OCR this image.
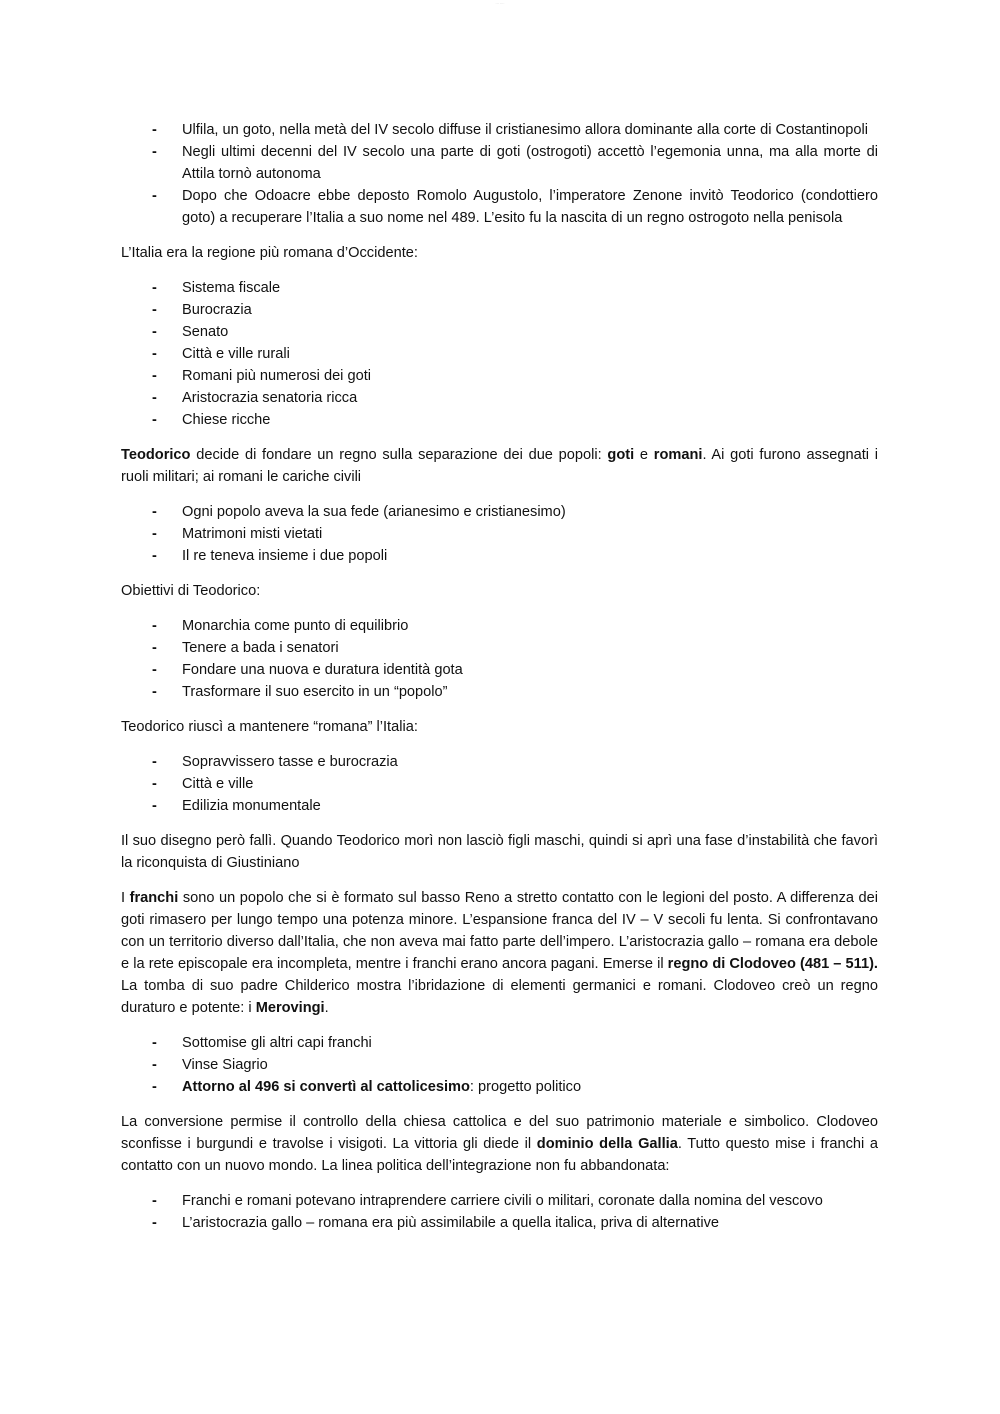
... ....
- Ulfila, un goto, nella metà del IV secolo diffuse il cristianesimo allora dominante alla corte di Costantinopoli
- Negli ultimi decenni del IV secolo una parte di goti (ostrogoti) accettò l’egemonia unna, ma alla morte di Attila tornò autonoma
- Dopo che Odoacre ebbe deposto Romolo Augustolo, l’imperatore Zenone invitò Teodorico (condottiero goto) a recuperare l’Italia a suo nome nel 489. L’esito fu la nascita di un regno ostrogoto nella penisola

L’Italia era la regione più romana d’Occidente:

- Sistema fiscale
- Burocrazia
- Senato
- Città e ville rurali
- Romani più numerosi dei goti
- Aristocrazia senatoria ricca
- Chiese ricche

Teodorico decide di fondare un regno sulla separazione dei due popoli: goti e romani. Ai goti furono assegnati i ruoli militari; ai romani le cariche civili

- Ogni popolo aveva la sua fede (arianesimo e cristianesimo)
- Matrimoni misti vietati
- Il re teneva insieme i due popoli

Obiettivi di Teodorico:

- Monarchia come punto di equilibrio
- Tenere a bada i senatori
- Fondare una nuova e duratura identità gota
- Trasformare il suo esercito in un “popolo”

Teodorico riuscì a mantenere “romana” l’Italia:

- Sopravvissero tasse e burocrazia
- Città e ville
- Edilizia monumentale

Il suo disegno però fallì. Quando Teodorico morì non lasciò figli maschi, quindi si aprì una fase d’instabilità che favorì la riconquista di Giustiniano

I franchi sono un popolo che si è formato sul basso Reno a stretto contatto con le legioni del posto. A differenza dei goti rimasero per lungo tempo una potenza minore. L’espansione franca del IV – V secoli fu lenta. Si confrontavano con un territorio diverso dall’Italia, che non aveva mai fatto parte dell’impero. L’aristocrazia gallo – romana era debole e la rete episcopale era incompleta, mentre i franchi erano ancora pagani. Emerse il regno di Clodoveo (481 – 511). La tomba di suo padre Childerico mostra l’ibridazione di elementi germanici e romani. Clodoveo creò un regno duraturo e potente: i Merovingi.

- Sottomise gli altri capi franchi
- Vinse Siagrio
- Attorno al 496 si convertì al cattolicesimo: progetto politico

La conversione permise il controllo della chiesa cattolica e del suo patrimonio materiale e simbolico. Clodoveo sconfisse i burgundi e travolse i visigoti. La vittoria gli diede il dominio della Gallia. Tutto questo mise i franchi a contatto con un nuovo mondo. La linea politica dell’integrazione non fu abbandonata:

- Franchi e romani potevano intraprendere carriere civili o militari, coronate dalla nomina del vescovo
- L’aristocrazia gallo – romana era più assimilabile a quella italica, priva di alternative
